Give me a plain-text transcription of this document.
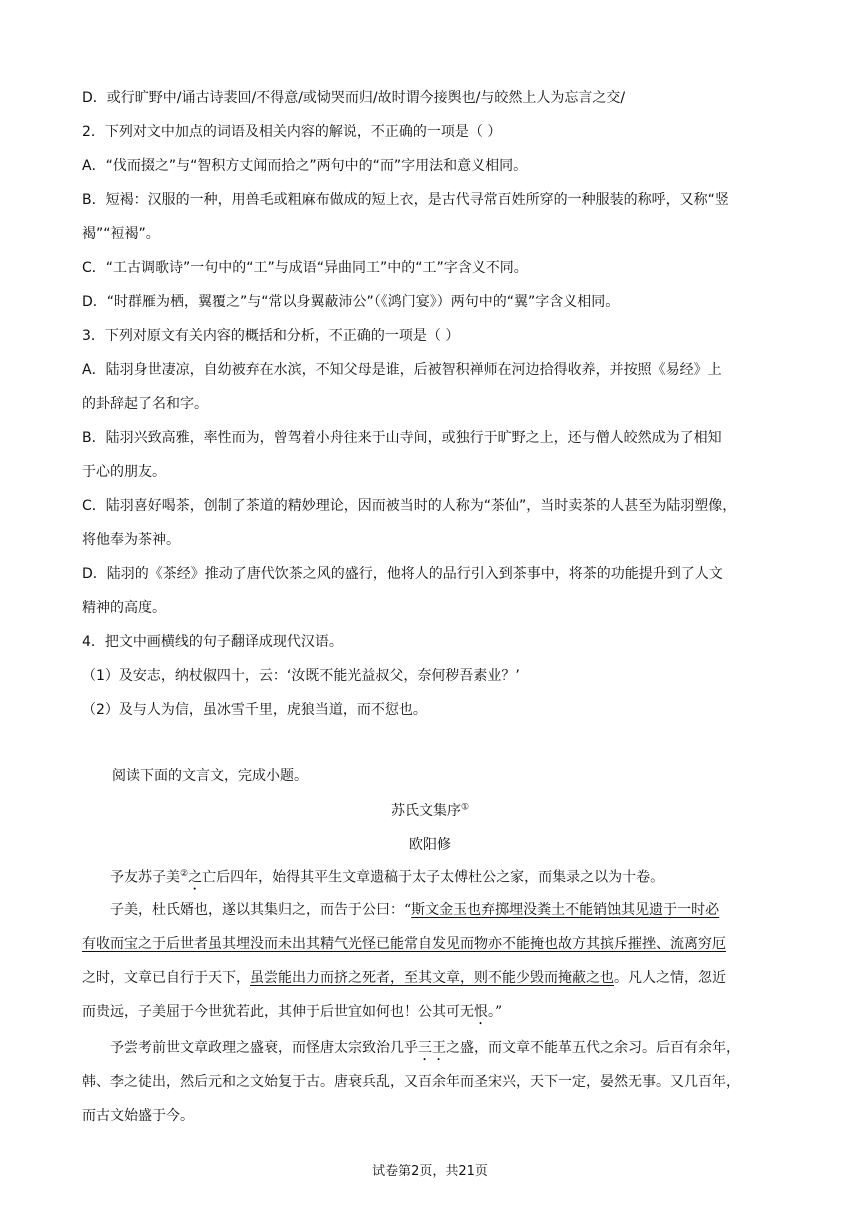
D．或行旷野中/诵古诗裴回/不得意/或恸哭而归/故时谓今接舆也/与皎然上人为忘言之交/
2．下列对文中加点的词语及相关内容的解说，不正确的一项是（ ）
A．“伐而掇之”与“智积方丈闻而拾之”两句中的“而”字用法和意义相同。
B．短褐：汉服的一种，用兽毛或粗麻布做成的短上衣，是古代寻常百姓所穿的一种服装的称呼，又称“竖
褐”“裋褐”。
C．“工古调歌诗”一句中的“工”与成语“异曲同工”中的“工”字含义不同。
D．“时群雁为栖，翼覆之”与“常以身翼蔽沛公”（《鸿门宴》）两句中的“翼”字含义相同。
3．下列对原文有关内容的概括和分析，不正确的一项是（ ）
A．陆羽身世凄凉，自幼被弃在水滨，不知父母是谁，后被智积禅师在河边拾得收养，并按照《易经》上
的卦辞起了名和字。
B．陆羽兴致高雅，率性而为，曾驾着小舟往来于山寺间，或独行于旷野之上，还与僧人皎然成为了相知
于心的朋友。
C．陆羽喜好喝茶，创制了茶道的精妙理论，因而被当时的人称为“茶仙”，当时卖茶的人甚至为陆羽塑像，
将他奉为茶神。
D．陆羽的《茶经》推动了唐代饮茶之风的盛行，他将人的品行引入到茶事中，将茶的功能提升到了人文
精神的高度。
4．把文中画横线的句子翻译成现代汉语。
（1）及安志，纳杖俶四十，云：‘汝既不能光益叔父，奈何秽吾素业？’
（2）及与人为信，虽冰雪千里，虎狼当道，而不愆也。
阅读下面的文言文，完成小题。
苏氏文集序①
欧阳修
予友苏子美②之亡后四年，始得其平生文章遗稿于太子太傅杜公之家，而集录之以为十卷。
子美，杜氏婿也，遂以其集归之，而告于公曰：“斯文金玉也弃掷埋没粪土不能销蚀其见遗于一时必
有收而宝之于后世者虽其埋没而未出其精气光怪已能常自发见而物亦不能掩也故方其摈斥摧挫、流离穷厄
之时，文章已自行于天下，虽尝能出力而挤之死者，至其文章，则不能少毁而掩蔽之也。凡人之情，忽近
而贵远，子美屈于今世犹若此，其伸于后世宜如何也！公其可无恨。”
予尝考前世文章政理之盛衰，而怪唐太宗致治几乎三王之盛，而文章不能革五代之余习。后百有余年，
韩、李之徒出，然后元和之文始复于古。唐衰兵乱，又百余年而圣宋兴，天下一定，晏然无事。又几百年，
而古文始盛于今。
试卷第2页，共21页
